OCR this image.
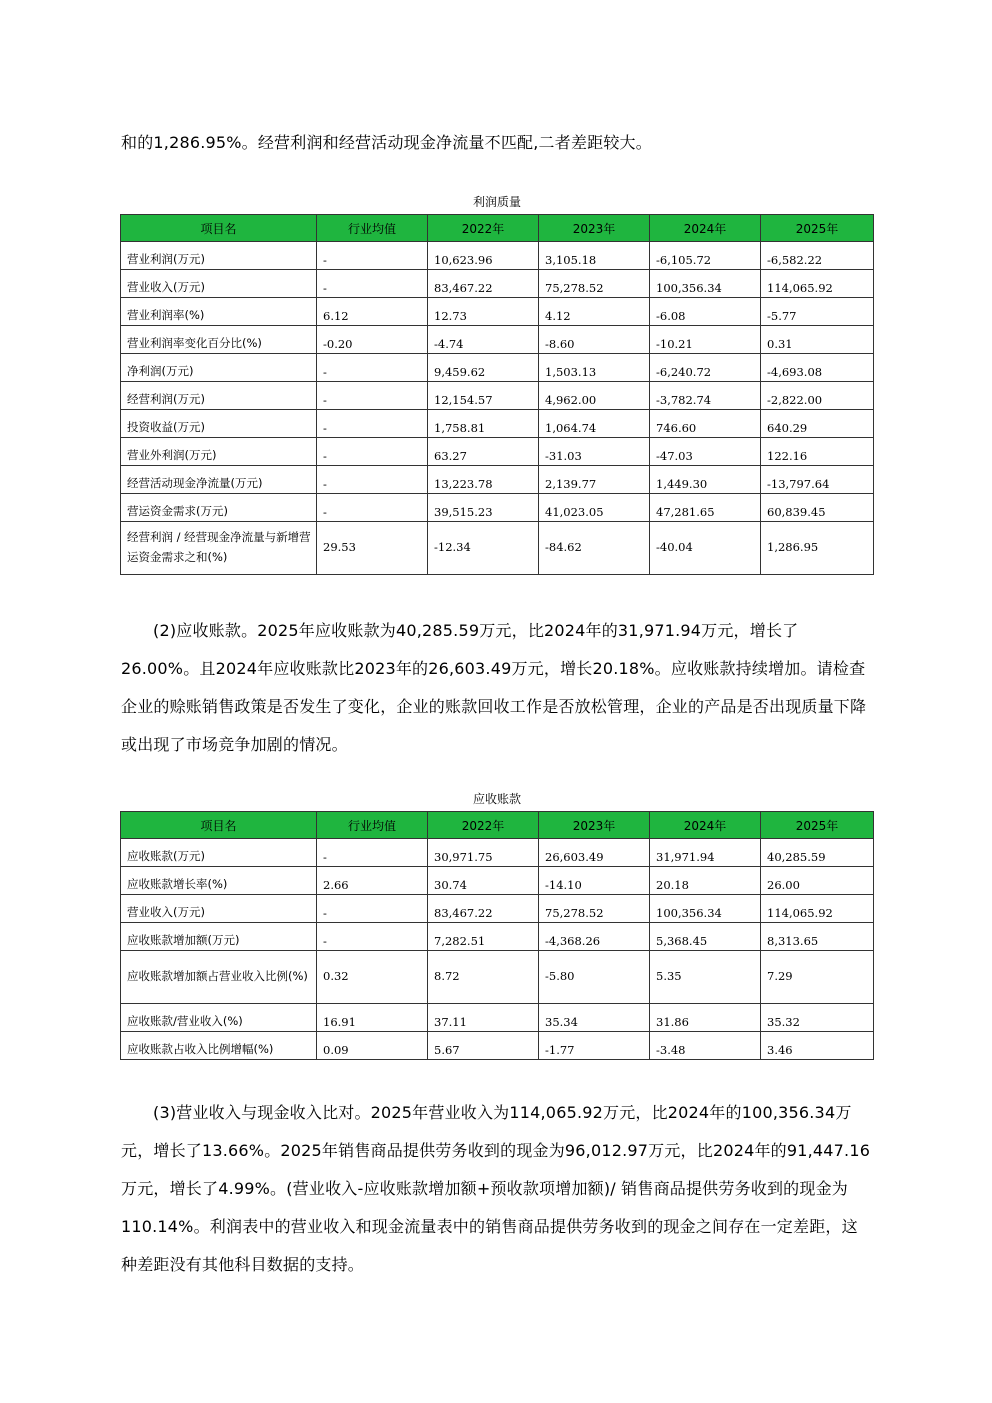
和的1,286.95%。经营利润和经营活动现金净流量不匹配,二者差距较大。

利润质量
项目名	行业均值	2022年	2023年	2024年	2025年
营业利润(万元)	-	10,623.96	3,105.18	-6,105.72	-6,582.22
营业收入(万元)	-	83,467.22	75,278.52	100,356.34	114,065.92
营业利润率(%)	6.12	12.73	4.12	-6.08	-5.77
营业利润率变化百分比(%)	-0.20	-4.74	-8.60	-10.21	0.31
净利润(万元)	-	9,459.62	1,503.13	-6,240.72	-4,693.08
经营利润(万元)	-	12,154.57	4,962.00	-3,782.74	-2,822.00
投资收益(万元)	-	1,758.81	1,064.74	746.60	640.29
营业外利润(万元)	-	63.27	-31.03	-47.03	122.16
经营活动现金净流量(万元)	-	13,223.78	2,139.77	1,449.30	-13,797.64
营运资金需求(万元)	-	39,515.23	41,023.05	47,281.65	60,839.45
经营利润 / 经营现金净流量与新增营运资金需求之和(%)	29.53	-12.34	-84.62	-40.04	1,286.95

(2)应收账款。2025年应收账款为40,285.59万元，比2024年的31,971.94万元，增长了26.00%。且2024年应收账款比2023年的26,603.49万元，增长20.18%。应收账款持续增加。请检查企业的赊账销售政策是否发生了变化，企业的账款回收工作是否放松管理，企业的产品是否出现质量下降或出现了市场竞争加剧的情况。

应收账款
项目名	行业均值	2022年	2023年	2024年	2025年
应收账款(万元)	-	30,971.75	26,603.49	31,971.94	40,285.59
应收账款增长率(%)	2.66	30.74	-14.10	20.18	26.00
营业收入(万元)	-	83,467.22	75,278.52	100,356.34	114,065.92
应收账款增加额(万元)	-	7,282.51	-4,368.26	5,368.45	8,313.65
应收账款增加额占营业收入比例(%)	0.32	8.72	-5.80	5.35	7.29
应收账款/营业收入(%)	16.91	37.11	35.34	31.86	35.32
应收账款占收入比例增幅(%)	0.09	5.67	-1.77	-3.48	3.46

(3)营业收入与现金收入比对。2025年营业收入为114,065.92万元，比2024年的100,356.34万元，增长了13.66%。2025年销售商品提供劳务收到的现金为96,012.97万元，比2024年的91,447.16万元，增长了4.99%。(营业收入-应收账款增加额+预收款项增加额)/ 销售商品提供劳务收到的现金为110.14%。利润表中的营业收入和现金流量表中的销售商品提供劳务收到的现金之间存在一定差距，这种差距没有其他科目数据的支持。
